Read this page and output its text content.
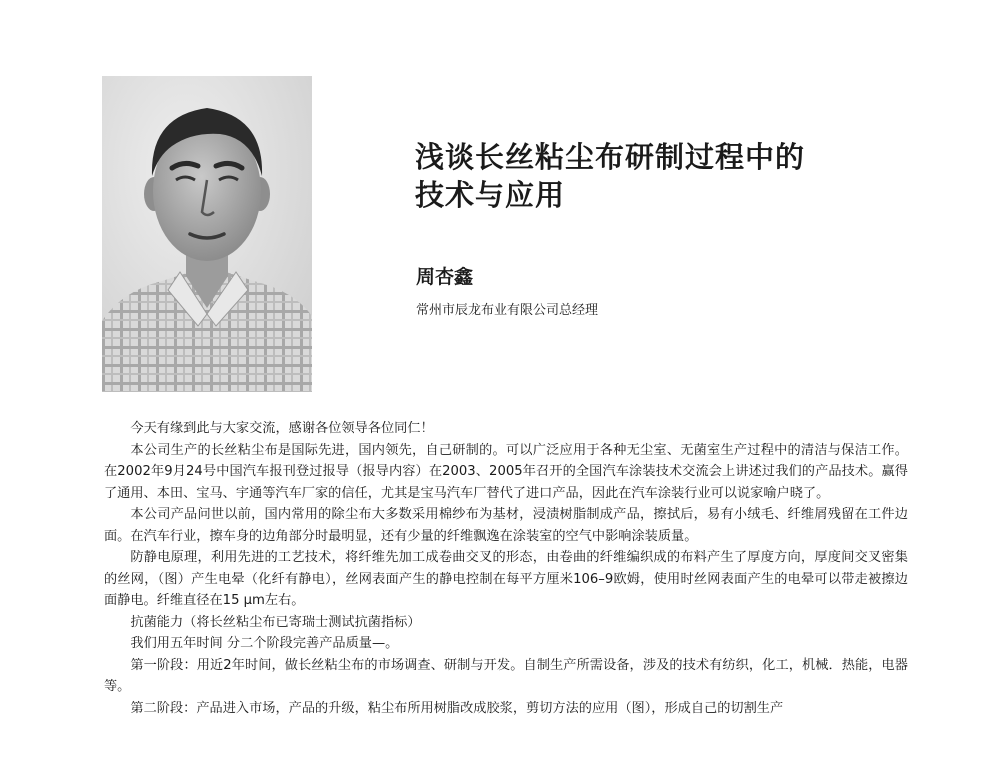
浅谈长丝粘尘布研制过程中的
技术与应用
周杏鑫
常州市辰龙布业有限公司总经理

今天有缘到此与大家交流，感谢各位领导各位同仁！

本公司生产的长丝粘尘布是国际先进，国内领先，自己研制的。可以广泛应用于各种无尘室、无菌室生产过程中的清洁与保洁工作。在2002年9月24号中国汽车报刊登过报导（报导内容）在2003、2005年召开的全国汽车涂装技术交流会上讲述过我们的产品技术。赢得了通用、本田、宝马、宇通等汽车厂家的信任，尤其是宝马汽车厂替代了进口产品，因此在汽车涂装行业可以说家喻户晓了。

本公司产品问世以前，国内常用的除尘布大多数采用棉纱布为基材，浸渍树脂制成产品，擦拭后，易有小绒毛、纤维屑残留在工件边面。在汽车行业，擦车身的边角部分时最明显，还有少量的纤维飘逸在涂装室的空气中影响涂装质量。

防静电原理，利用先进的工艺技术，将纤维先加工成卷曲交叉的形态，由卷曲的纤维编织成的布料产生了厚度方向，厚度间交叉密集的丝网，（图）产生电晕（化纤有静电），丝网表面产生的静电控制在每平方厘米106–9欧姆，使用时丝网表面产生的电晕可以带走被擦边面静电。纤维直径在15 μm左右。

抗菌能力（将长丝粘尘布已寄瑞士测试抗菌指标）

我们用五年时间 分二个阶段完善产品质量—。

第一阶段：用近2年时间，做长丝粘尘布的市场调查、研制与开发。自制生产所需设备，涉及的技术有纺织，化工，机械．热能，电器等。

第二阶段：产品进入市场，产品的升级，粘尘布所用树脂改成胶浆，剪切方法的应用（图），形成自己的切割生产
